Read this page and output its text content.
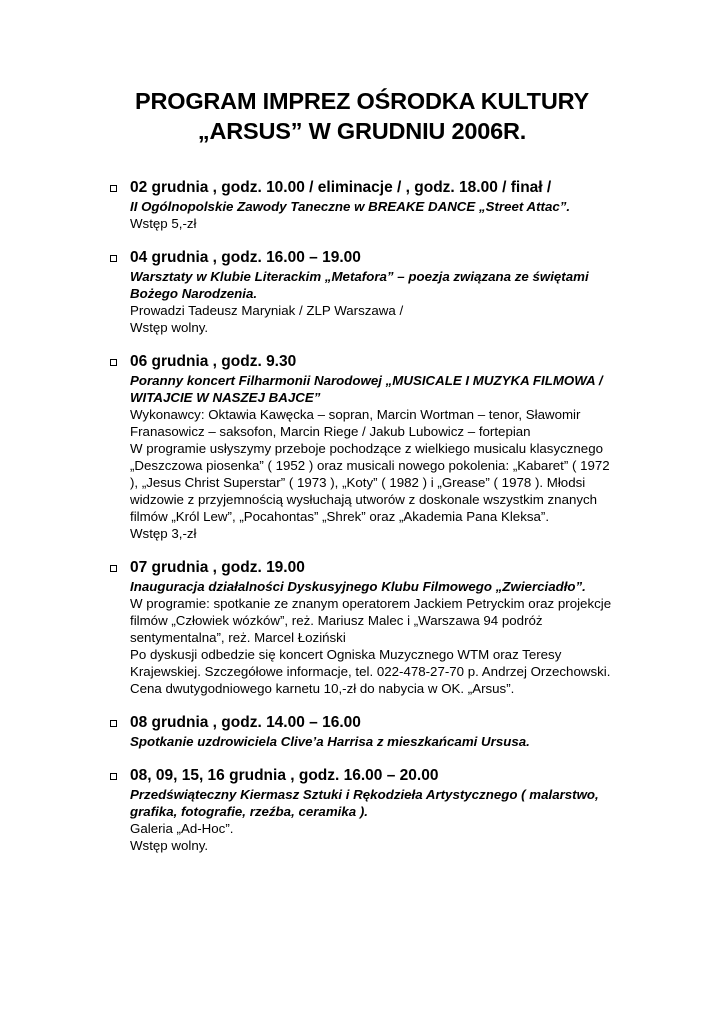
PROGRAM IMPREZ OŚRODKA KULTURY
„ARSUS” W GRUDNIU 2006R.
02 grudnia , godz. 10.00 / eliminacje / , godz. 18.00 / finał /
II Ogólnopolskie Zawody Taneczne w BREAKE DANCE „Street Attac”.
Wstęp 5,-zł
04 grudnia , godz. 16.00 – 19.00
Warsztaty w Klubie Literackim „Metafora” – poezja związana ze świętami
Bożego Narodzenia.
Prowadzi Tadeusz Maryniak / ZLP Warszawa /
Wstęp wolny.
06 grudnia , godz. 9.30
Poranny koncert Filharmonii Narodowej „MUSICALE I MUZYKA FILMOWA /
WITAJCIE W NASZEJ BAJCE”
Wykonawcy: Oktawia Kawęcka – sopran, Marcin Wortman – tenor, Sławomir
Franasowicz – saksofon, Marcin Riege / Jakub Lubowicz – fortepian
W programie usłyszymy przeboje pochodzące z wielkiego musicalu klasycznego
„Deszczowa piosenka” ( 1952 ) oraz musicali nowego pokolenia: „Kabaret” ( 1972
), „Jesus Christ Superstar” ( 1973 ), „Koty” ( 1982 ) i „Grease” ( 1978 ). Młodsi
widzowie z przyjemnością wysłuchają utworów z doskonale wszystkim znanych
filmów „Król Lew”, „Pocahontas” „Shrek” oraz „Akademia Pana Kleksa”.
Wstęp 3,-zł
07 grudnia , godz. 19.00
Inauguracja działalności Dyskusyjnego Klubu Filmowego „Zwierciadło”.
W programie: spotkanie ze znanym operatorem Jackiem Petryckim oraz projekcje
filmów „Człowiek wózków”, reż. Mariusz Malec i „Warszawa 94 podróż
sentymentalna”, reż. Marcel Łoziński
Po dyskusji odbedzie się koncert Ogniska Muzycznego WTM oraz Teresy
Krajewskiej. Szczegółowe informacje, tel. 022-478-27-70 p. Andrzej Orzechowski.
Cena dwutygodniowego karnetu 10,-zł do nabycia w OK. „Arsus”.
08 grudnia , godz. 14.00 – 16.00
Spotkanie uzdrowiciela Clive’a Harrisa z mieszkańcami Ursusa.
08, 09, 15, 16 grudnia , godz. 16.00 – 20.00
Przedświąteczny Kiermasz Sztuki i Rękodzieła Artystycznego ( malarstwo,
grafika, fotografie, rzeźba, ceramika ).
Galeria „Ad-Hoc”.
Wstęp wolny.
